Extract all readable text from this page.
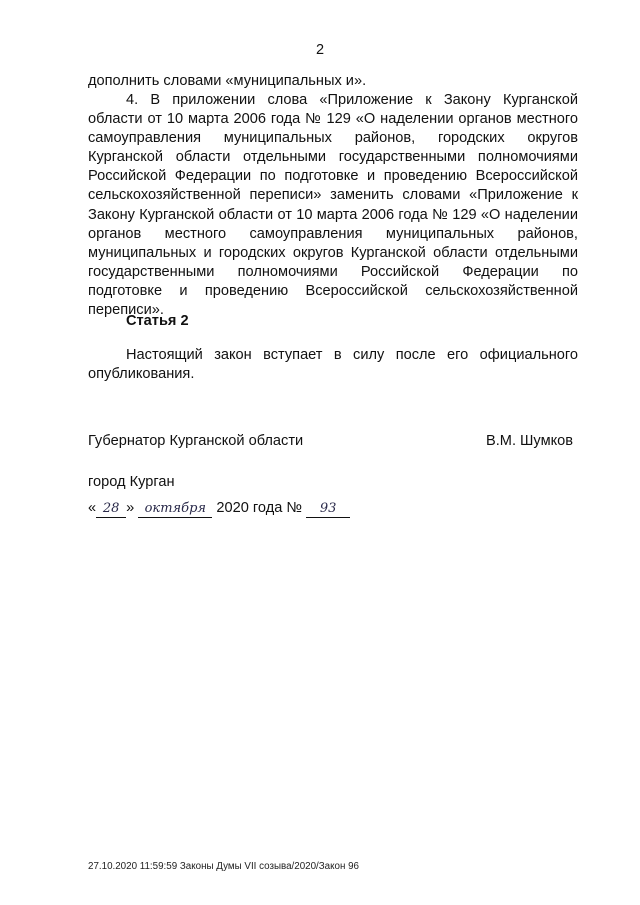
2
дополнить словами «муниципальных и».
4. В приложении слова «Приложение к Закону Курганской области от 10 марта 2006 года № 129 «О наделении органов местного самоуправления муниципальных районов, городских округов Курганской области отдельными государственными полномочиями Российской Федерации по подготовке и проведению Всероссийской сельскохозяйственной переписи» заменить словами «Приложение к Закону Курганской области от 10 марта 2006 года № 129 «О наделении органов местного самоуправления муниципальных районов, муниципальных и городских округов Курганской области отдельными государственными полномочиями Российской Федерации по подготовке и проведению Всероссийской сельскохозяйственной переписи».
Статья 2
Настоящий закон вступает в силу после его официального опубликования.
Губернатор Курганской области	В.М. Шумков
город Курган
« 28 » октября 2020 года № 93
27.10.2020 11:59:59 Законы Думы VII созыва/2020/Закон 96
